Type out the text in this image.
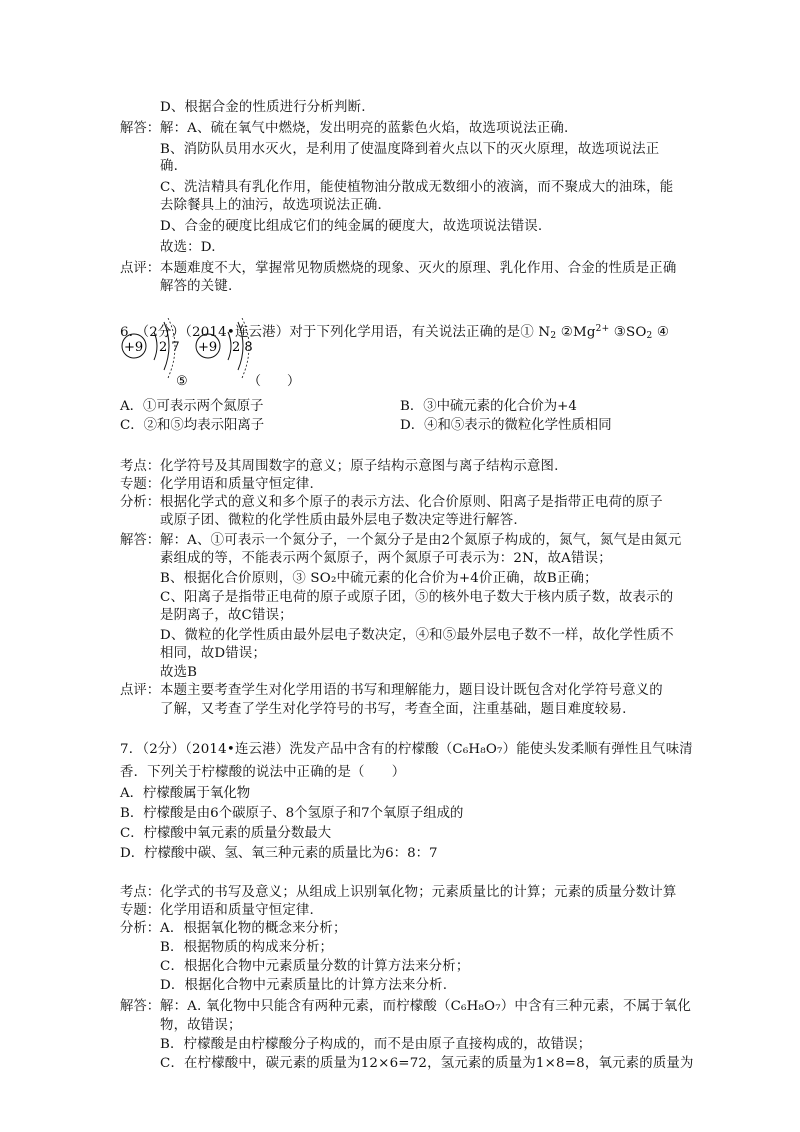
D、根据合金的性质进行分析判断.
解答： 解：A、硫在氧气中燃烧，发出明亮的蓝紫色火焰，故选项说法正确.
B、消防队员用水灭火，是利用了使温度降到着火点以下的灭火原理，故选项说法正
确.
C、洗洁精具有乳化作用，能使植物油分散成无数细小的液滴，而不聚成大的油珠，能
去除餐具上的油污，故选项说法正确.
D、合金的硬度比组成它们的纯金属的硬度大，故选项说法错误.
故选：D.
点评： 本题难度不大，掌握常见物质燃烧的现象、灭火的原理、乳化作用、合金的性质是正确
解答的关键.
6．（2分）（2014•连云港）对于下列化学用语，有关说法正确的是① $N_2$ $②Mg^{2+}$ $③SO_2$ ④
+9 2 7 +9 2 8
⑤	（　　）
A．①可表示两个氮原子	B．③中硫元素的化合价为+4
C．②和⑤均表示阳离子	D．④和⑤表示的微粒化学性质相同
考点： 化学符号及其周围数字的意义；原子结构示意图与离子结构示意图.
专题： 化学用语和质量守恒定律.
分析： 根据化学式的意义和多个原子的表示方法、化合价原则、阳离子是指带正电荷的原子
或原子团、微粒的化学性质由最外层电子数决定等进行解答.
解答： 解：A、①可表示一个氮分子，一个氮分子是由2个氮原子构成的，氮气，氮气是由氮元
素组成的等，不能表示两个氮原子，两个氮原子可表示为：2N，故A错误；
B、根据化合价原则，③ SO₂中硫元素的化合价为+4价正确，故B正确；
C、阳离子是指带正电荷的原子或原子团，⑤的核外电子数大于核内质子数，故表示的
是阴离子，故C错误；
D、微粒的化学性质由最外层电子数决定，④和⑤最外层电子数不一样，故化学性质不
相同，故D错误；
故选B
点评： 本题主要考查学生对化学用语的书写和理解能力，题目设计既包含对化学符号意义的
了解，又考查了学生对化学符号的书写，考查全面，注重基础，题目难度较易.
7．（2分）（2014•连云港）洗发产品中含有的柠檬酸（C₆H₈O₇）能使头发柔顺有弹性且气味清
香．下列关于柠檬酸的说法中正确的是（　　）
A．柠檬酸属于氧化物
B．柠檬酸是由6个碳原子、8个氢原子和7个氧原子组成的
C．柠檬酸中氧元素的质量分数最大
D．柠檬酸中碳、氢、氧三种元素的质量比为6：8：7
考点： 化学式的书写及意义；从组成上识别氧化物；元素质量比的计算；元素的质量分数计算
专题： 化学用语和质量守恒定律.
分析： A．根据氧化物的概念来分析；
B．根据物质的构成来分析；
C．根据化合物中元素质量分数的计算方法来分析；
D．根据化合物中元素质量比的计算方法来分析.
解答： 解：A. 氧化物中只能含有两种元素，而柠檬酸（C₆H₈O₇）中含有三种元素，不属于氧化
物，故错误；
B．柠檬酸是由柠檬酸分子构成的，而不是由原子直接构成的，故错误；
C．在柠檬酸中，碳元素的质量为12×6=72，氢元素的质量为1×8=8，氧元素的质量为
